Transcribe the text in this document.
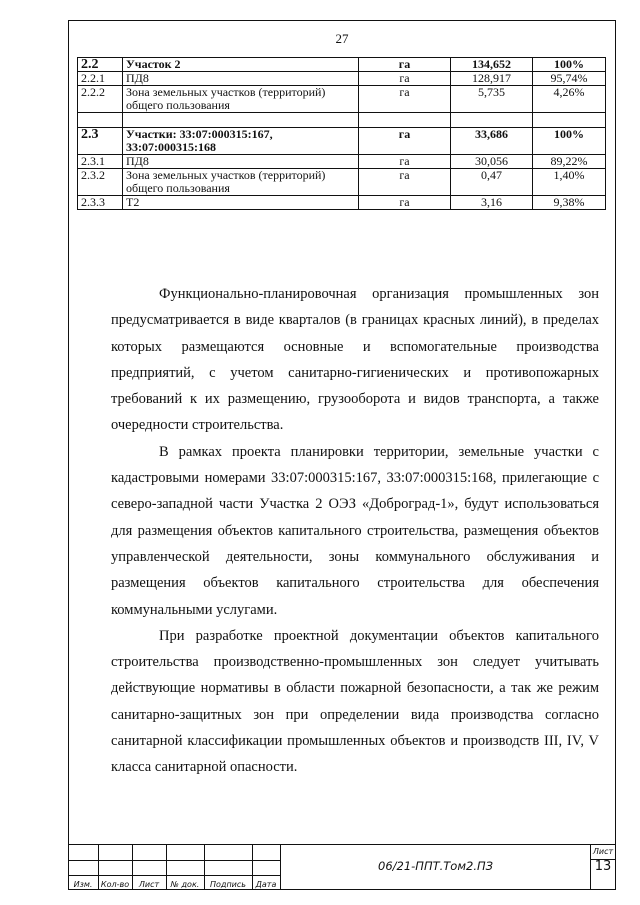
27
2.2	Участок 2	га	134,652	100%
2.2.1	ПД8	га	128,917	95,74%
2.2.2	Зона земельных участков (территорий) общего пользования	га	5,735	4,26%

2.3	Участки: 33:07:000315:167, 33:07:000315:168	га	33,686	100%
2.3.1	ПД8	га	30,056	89,22%
2.3.2	Зона земельных участков (территорий) общего пользования	га	0,47	1,40%
2.3.3	Т2	га	3,16	9,38%

Функционально-планировочная организация промышленных зон предусматривается в виде кварталов (в границах красных линий), в пределах которых размещаются основные и вспомогательные производства предприятий, с учетом санитарно-гигиенических и противопожарных требований к их размещению, грузооборота и видов транспорта, а также очередности строительства.

В рамках проекта планировки территории, земельные участки с кадастровыми номерами 33:07:000315:167, 33:07:000315:168, прилегающие с северо-западной части Участка 2 ОЭЗ «Доброград-1», будут использоваться для размещения объектов капитального строительства, размещения объектов управленческой деятельности, зоны коммунального обслуживания и размещения объектов капитального строительства для обеспечения коммунальными услугами.

При разработке проектной документации объектов капитального строительства производственно-промышленных зон следует учитывать действующие нормативы в области пожарной безопасности, а так же режим санитарно-защитных зон при определении вида производства согласно санитарной классификации промышленных объектов и производств III, IV, V класса санитарной опасности.

Изм.	Кол-во	Лист	№ док.	Подпись	Дата
06/21-ППТ.Том2.ПЗ
Лист
13
